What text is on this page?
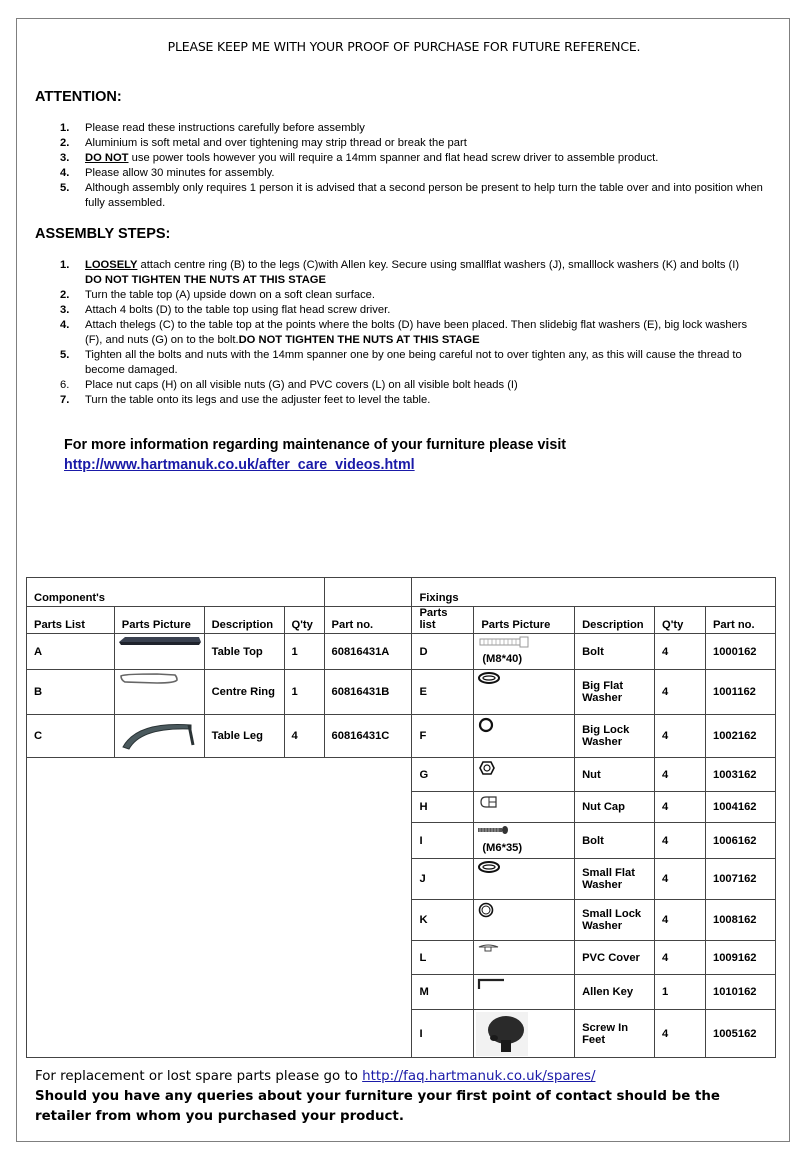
PLEASE KEEP ME WITH YOUR PROOF OF PURCHASE FOR FUTURE REFERENCE.
ATTENTION:
1. Please read these instructions carefully before assembly
2. Aluminium is soft metal and over tightening may strip thread or break the part
3. DO NOT use power tools however you will require a 14mm spanner and flat head screw driver to assemble product.
4. Please allow 30 minutes for assembly.
5. Although assembly only requires 1 person it is advised that a second person be present to help turn the table over and into position when fully assembled.
ASSEMBLY STEPS:
1. LOOSELY attach centre ring (B) to the legs (C)with Allen key. Secure using smallflat washers (J), smalllock washers (K) and bolts (I)
DO NOT TIGHTEN THE NUTS AT THIS STAGE
2. Turn the table top (A) upside down on a soft clean surface.
3. Attach 4 bolts (D) to the table top using flat head screw driver.
4. Attach thelegs (C) to the table top at the points where the bolts (D) have been placed. Then slidebig flat washers (E), big lock washers (F), and nuts (G) on to the bolt.DO NOT TIGHTEN THE NUTS AT THIS STAGE
5. Tighten all the bolts and nuts with the 14mm spanner one by one being careful not to over tighten any, as this will cause the thread to become damaged.
6. Place nut caps (H) on all visible nuts (G) and PVC covers (L) on all visible bolt heads (I)
7. Turn the table onto its legs and use the adjuster feet to level the table.
For more information regarding maintenance of your furniture please visit
http://www.hartmanuk.co.uk/after_care_videos.html
Component's					Fixings				
Parts List	Parts Picture	Description	Q'ty	Part no.	Parts list	Parts Picture	Description	Q'ty	Part no.
A		Table Top	1	60816431A	D	(M8*40)	Bolt	4	1000162
B		Centre Ring	1	60816431B	E		Big Flat Washer	4	1001162
C		Table Leg	4	60816431C	F		Big Lock Washer	4	1002162
					G		Nut	4	1003162
					H		Nut Cap	4	1004162
					I	(M6*35)	Bolt	4	1006162
					J		Small Flat Washer	4	1007162
					K		Small Lock Washer	4	1008162
					L		PVC Cover	4	1009162
					M		Allen Key	1	1010162
					I		Screw In Feet	4	1005162
For replacement or lost spare parts please go to http://faq.hartmanuk.co.uk/spares/
Should you have any queries about your furniture your first point of contact should be the retailer from whom you purchased your product.
